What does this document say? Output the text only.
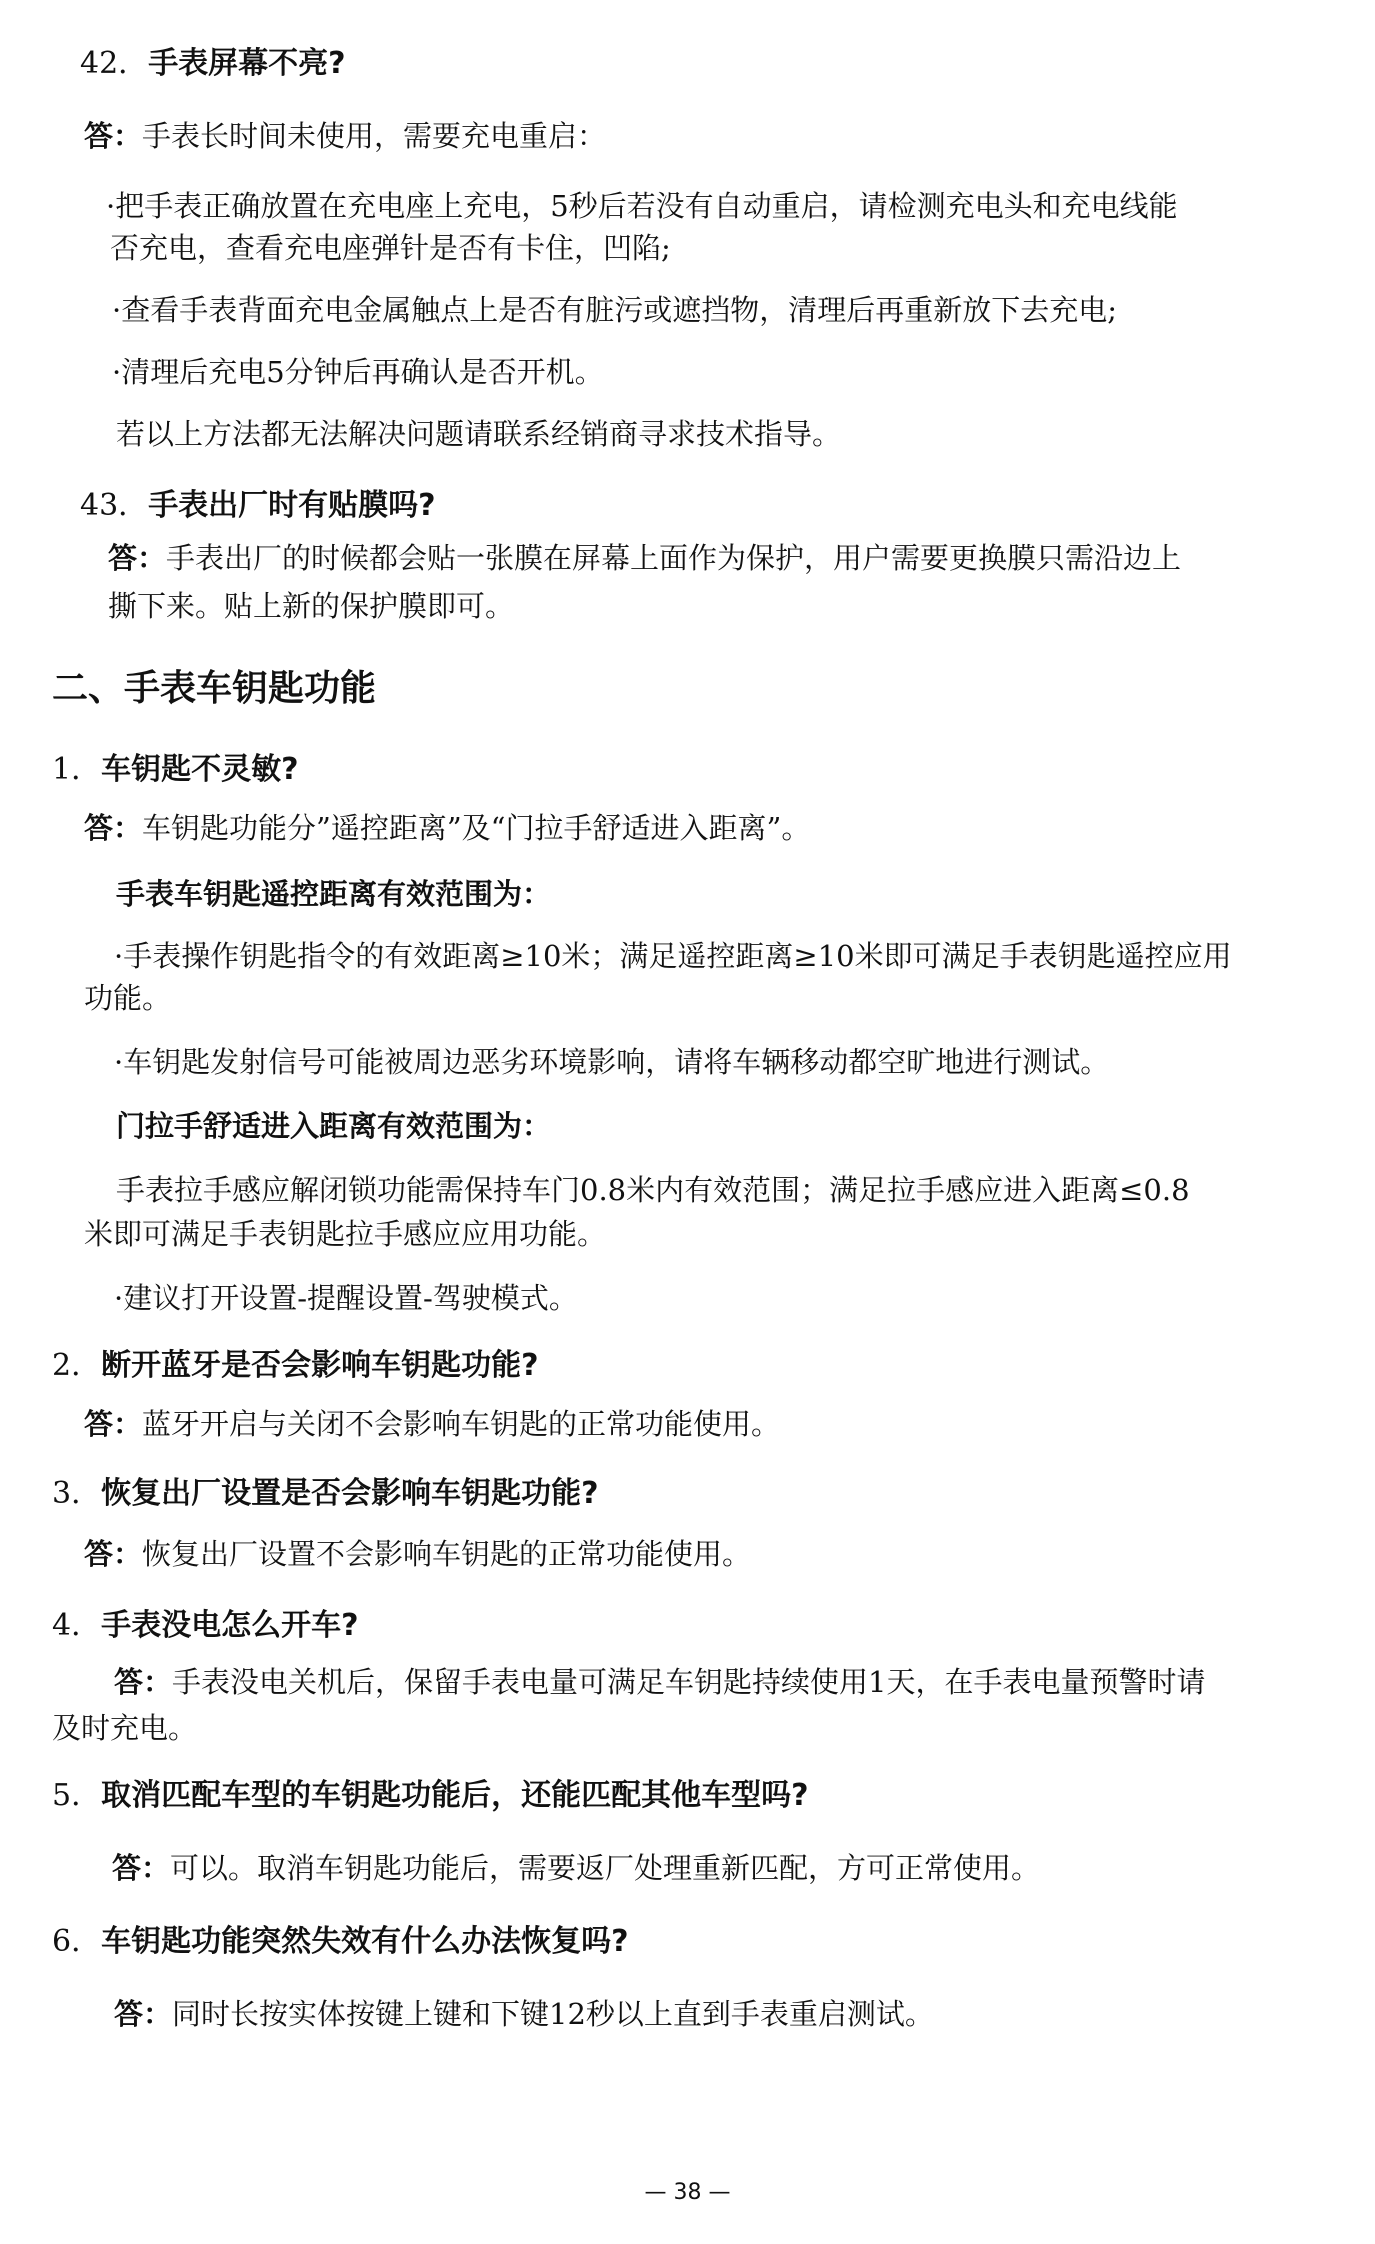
42．手表屏幕不亮?

答：手表长时间未使用，需要充电重启：

·把手表正确放置在充电座上充电，5秒后若没有自动重启，请检测充电头和充电线能

否充电，查看充电座弹针是否有卡住，凹陷;

·查看手表背面充电金属触点上是否有脏污或遮挡物，清理后再重新放下去充电;

·清理后充电5分钟后再确认是否开机。

若以上方法都无法解决问题请联系经销商寻求技术指导。

43．手表出厂时有贴膜吗?

答：手表出厂的时候都会贴一张膜在屏幕上面作为保护，用户需要更换膜只需沿边上

撕下来。贴上新的保护膜即可。

二、手表车钥匙功能

1．车钥匙不灵敏?

答：车钥匙功能分”遥控距离”及“门拉手舒适进入距离”。

手表车钥匙遥控距离有效范围为：

·手表操作钥匙指令的有效距离≥10米；满足遥控距离≥10米即可满足手表钥匙遥控应用

功能。

·车钥匙发射信号可能被周边恶劣环境影响，请将车辆移动都空旷地进行测试。

门拉手舒适进入距离有效范围为：

手表拉手感应解闭锁功能需保持车门0.8米内有效范围；满足拉手感应进入距离≤0.8

米即可满足手表钥匙拉手感应应用功能。

·建议打开设置-提醒设置-驾驶模式。

2．断开蓝牙是否会影响车钥匙功能?

答：蓝牙开启与关闭不会影响车钥匙的正常功能使用。

3．恢复出厂设置是否会影响车钥匙功能?

答：恢复出厂设置不会影响车钥匙的正常功能使用。

4．手表没电怎么开车?

答：手表没电关机后，保留手表电量可满足车钥匙持续使用1天，在手表电量预警时请

及时充电。

5．取消匹配车型的车钥匙功能后，还能匹配其他车型吗?

答：可以。取消车钥匙功能后，需要返厂处理重新匹配，方可正常使用。

6．车钥匙功能突然失效有什么办法恢复吗?

答：同时长按实体按键上键和下键12秒以上直到手表重启测试。

— 38 —
